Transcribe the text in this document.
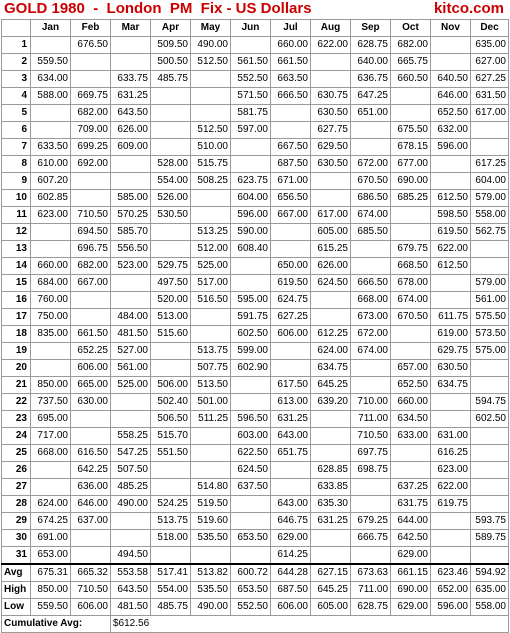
GOLD 1980  -  London  PM  Fix - US Dollars	kitco.com
	Jan	Feb	Mar	Apr	May	Jun	Jul	Aug	Sep	Oct	Nov	Dec
1		676.50		509.50	490.00		660.00	622.00	628.75	682.00		635.00
2	559.50			500.50	512.50	561.50	661.50		640.00	665.75		627.00
3	634.00		633.75	485.75		552.50	663.50		636.75	660.50	640.50	627.25
4	588.00	669.75	631.25			571.50	666.50	630.75	647.25		646.00	631.50
5		682.00	643.50			581.75		630.50	651.00		652.50	617.00
6		709.00	626.00		512.50	597.00		627.75		675.50	632.00	
7	633.50	699.25	609.00		510.00		667.50	629.50		678.15	596.00	
8	610.00	692.00		528.00	515.75		687.50	630.50	672.00	677.00		617.25
9	607.20			554.00	508.25	623.75	671.00		670.50	690.00		604.00
10	602.85		585.00	526.00		604.00	656.50		686.50	685.25	612.50	579.00
11	623.00	710.50	570.25	530.50		596.00	667.00	617.00	674.00		598.50	558.00
12		694.50	585.70		513.25	590.00		605.00	685.50		619.50	562.75
13		696.75	556.50		512.00	608.40		615.25		679.75	622.00	
14	660.00	682.00	523.00	529.75	525.00		650.00	626.00		668.50	612.50	
15	684.00	667.00		497.50	517.00		619.50	624.50	666.50	678.00		579.00
16	760.00			520.00	516.50	595.00	624.75		668.00	674.00		561.00
17	750.00		484.00	513.00		591.75	627.25		673.00	670.50	611.75	575.50
18	835.00	661.50	481.50	515.60		602.50	606.00	612.25	672.00		619.00	573.50
19		652.25	527.00		513.75	599.00		624.00	674.00		629.75	575.00
20		606.00	561.00		507.75	602.90		634.75		657.00	630.50	
21	850.00	665.00	525.00	506.00	513.50		617.50	645.25		652.50	634.75	
22	737.50	630.00		502.40	501.00		613.00	639.20	710.00	660.00		594.75
23	695.00			506.50	511.25	596.50	631.25		711.00	634.50		602.50
24	717.00		558.25	515.70		603.00	643.00		710.50	633.00	631.00	
25	668.00	616.50	547.25	551.50		622.50	651.75		697.75		616.25	
26		642.25	507.50			624.50		628.85	698.75		623.00	
27		636.00	485.25		514.80	637.50		633.85		637.25	622.00	
28	624.00	646.00	490.00	524.25	519.50		643.00	635.30		631.75	619.75	
29	674.25	637.00		513.75	519.60		646.75	631.25	679.25	644.00		593.75
30	691.00			518.00	535.50	653.50	629.00		666.75	642.50		589.75
31	653.00		494.50				614.25			629.00		
Avg	675.31	665.32	553.58	517.41	513.82	600.72	644.28	627.15	673.63	661.15	623.46	594.92
High	850.00	710.50	643.50	554.00	535.50	653.50	687.50	645.25	711.00	690.00	652.00	635.00
Low	559.50	606.00	481.50	485.75	490.00	552.50	606.00	605.00	628.75	629.00	596.00	558.00
Cumulative Avg:			$612.56									
